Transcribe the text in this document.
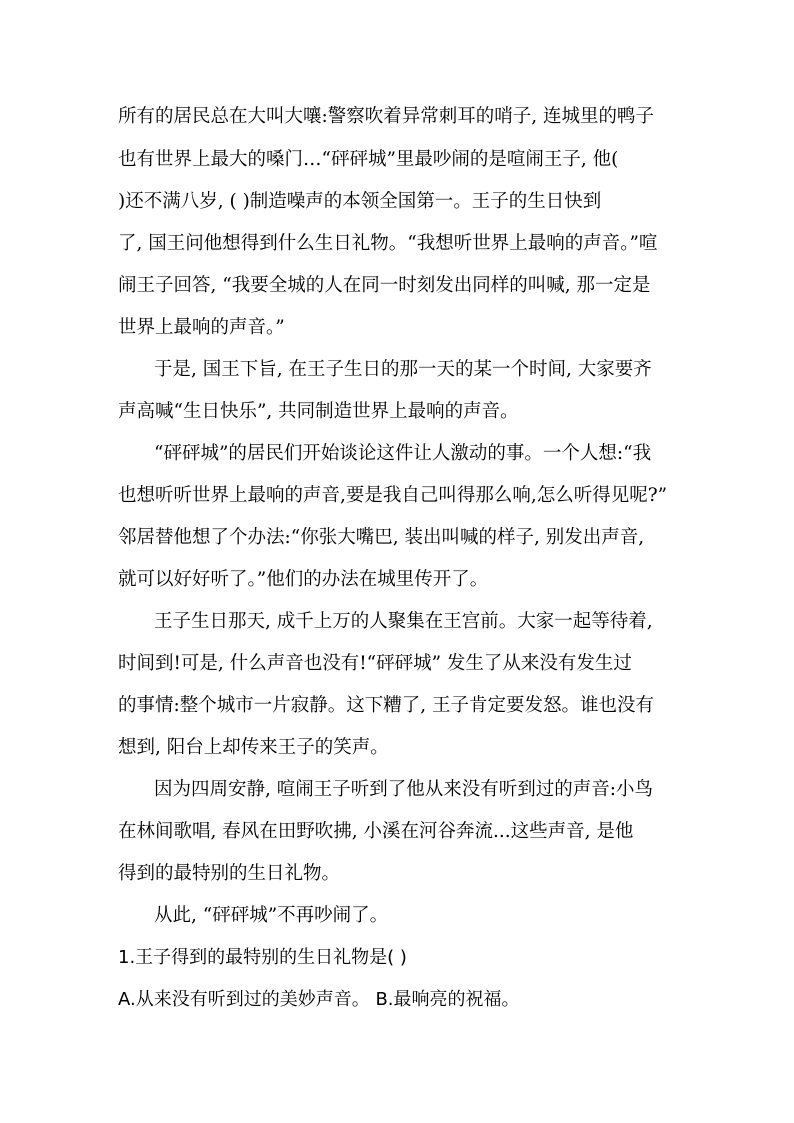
所有的居民总在大叫大嚷:警察吹着异常刺耳的哨子, 连城里的鸭子
也有世界上最大的嗓门…“砰砰城”里最吵闹的是喧闹王子, 他(
)还不满八岁, ( )制造噪声的本领全国第一。王子的生日快到
了, 国王问他想得到什么生日礼物。“我想听世界上最响的声音。”喧
闹王子回答, “我要全城的人在同一时刻发出同样的叫喊, 那一定是
世界上最响的声音。”
于是, 国王下旨, 在王子生日的那一天的某一个时间, 大家要齐
声高喊“生日快乐”, 共同制造世界上最响的声音。
“砰砰城”的居民们开始谈论这件让人激动的事。一个人想:“我
也想听听世界上最响的声音,要是我自己叫得那么响,怎么听得见呢?”
邻居替他想了个办法:“你张大嘴巴, 装出叫喊的样子, 别发出声音,
就可以好好听了。”他们的办法在城里传开了。
王子生日那天, 成千上万的人聚集在王宫前。大家一起等待着,
时间到!可是, 什么声音也没有!“砰砰城” 发生了从来没有发生过
的事情:整个城市一片寂静。这下糟了, 王子肯定要发怒。谁也没有
想到, 阳台上却传来王子的笑声。
因为四周安静, 喧闹王子听到了他从来没有听到过的声音:小鸟
在林间歌唱, 春风在田野吹拂, 小溪在河谷奔流...这些声音, 是他
得到的最特别的生日礼物。
从此, “砰砰城”不再吵闹了。
1.王子得到的最特别的生日礼物是( )
A.从来没有听到过的美妙声音。 B.最响亮的祝福。
